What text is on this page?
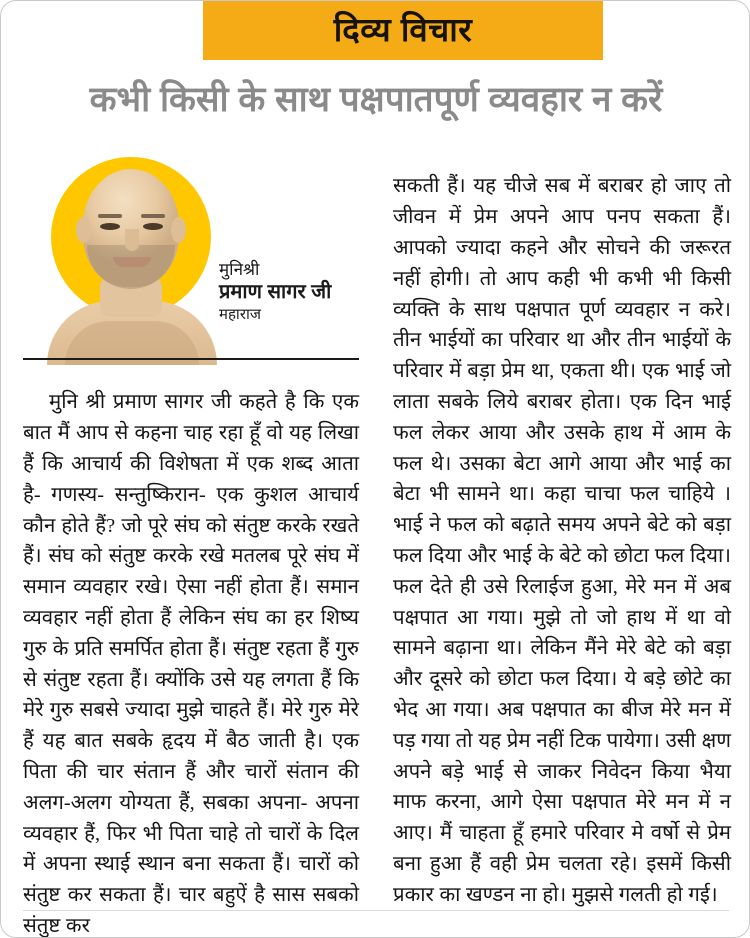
दिव्य विचार
कभी किसी के साथ पक्षपातपूर्ण व्यवहार न करें
मुनिश्री
प्रमाण सागर जी
महाराज

मुनि श्री प्रमाण सागर जी कहते है कि एक बात मैं आप से कहना चाह रहा हूँ वो यह लिखा हैं कि आचार्य की विशेषता में एक शब्द आता है- गणस्य- सन्तुष्किरान- एक कुशल आचार्य कौन होते हैं? जो पूरे संघ को संतुष्ट करके रखते हैं। संघ को संतुष्ट करके रखे मतलब पूरे संघ में समान व्यवहार रखे। ऐसा नहीं होता हैं। समान व्यवहार नहीं होता हैं लेकिन संघ का हर शिष्य गुरु के प्रति समर्पित होता हैं। संतुष्ट रहता हैं गुरु से संतुष्ट रहता हैं। क्योंकि उसे यह लगता हैं कि मेरे गुरु सबसे ज्यादा मुझे चाहते हैं। मेरे गुरु मेरे हैं यह बात सबके हृदय में बैठ जाती है। एक पिता की चार संतान हैं और चारों संतान की अलग-अलग योग्यता हैं, सबका अपना- अपना व्यवहार हैं, फिर भी पिता चाहे तो चारों के दिल में अपना स्थाई स्थान बना सकता हैं। चारों को संतुष्ट कर सकता हैं। चार बहुऐं है सास सबको संतुष्ट कर

सकती हैं। यह चीजे सब में बराबर हो जाए तो जीवन में प्रेम अपने आप पनप सकता हैं। आपको ज्यादा कहने और सोचने की जरूरत नहीं होगी। तो आप कही भी कभी भी किसी व्यक्ति के साथ पक्षपात पूर्ण व्यवहार न करे। तीन भाईयों का परिवार था और तीन भाईयों के परिवार में बड़ा प्रेम था, एकता थी। एक भाई जो लाता सबके लिये बराबर होता। एक दिन भाई फल लेकर आया और उसके हाथ में आम के फल थे। उसका बेटा आगे आया और भाई का बेटा भी सामने था। कहा चाचा फल चाहिये । भाई ने फल को बढ़ाते समय अपने बेटे को बड़ा फल दिया और भाई के बेटे को छोटा फल दिया। फल देते ही उसे रिलाईज हुआ, मेरे मन में अब पक्षपात आ गया। मुझे तो जो हाथ में था वो सामने बढ़ाना था। लेकिन मैंने मेरे बेटे को बड़ा और दूसरे को छोटा फल दिया। ये बड़े छोटे का भेद आ गया। अब पक्षपात का बीज मेरे मन में पड़ गया तो यह प्रेम नहीं टिक पायेगा। उसी क्षण अपने बड़े भाई से जाकर निवेदन किया भैया माफ करना, आगे ऐसा पक्षपात मेरे मन में न आए। मैं चाहता हूँ हमारे परिवार मे वर्षो से प्रेम बना हुआ हैं वही प्रेम चलता रहे। इसमें किसी प्रकार का खण्डन ना हो। मुझसे गलती हो गई।
